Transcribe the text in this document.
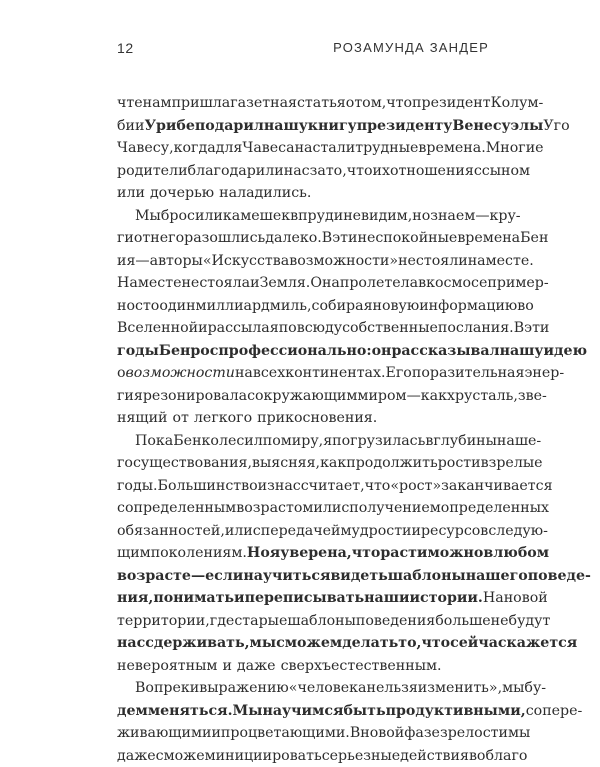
12	РОЗАМУНДА ЗАНДЕР
чте нам пришла газетная статья о том, что президент Колум-
бии Урибе подарил нашу книгу президенту Венесуэлы Уго
Чавесу, когда для Чавеса настали трудные времена. Многие
родители благодарили нас за то, что их отношения с сыном
или дочерью наладились.
Мы бросили камешек в пруд и не видим, но знаем — кру-
ги от него разошлись далеко. В эти неспокойные времена Бен
и я — авторы «Искусства возможности» не стояли на месте.
На месте не стояла и Земля. Она пролетела в космосе пример-
но сто один миллиард миль, собирая новую информацию во
Вселенной и рассылая повсюду собственные послания. В эти
годы Бен рос профессионально: он рассказывал нашу идею
о возможности на всех континентах. Его поразительная энер-
гия резонировала с окружающим миром — как хрусталь, зве-
нящий от легкого прикосновения.
Пока Бен колесил по миру, я погрузилась в глубины наше-
го существования, выясняя, как продолжить рост и в зрелые
годы. Большинство из нас считает, что «рост» заканчивается
с определенным возрастом или с получением определенных
обязанностей, или с передачей мудрости и ресурсов следую-
щим поколениям. Но я уверена, что расти можно в любом
возрасте — если научиться видеть шаблоны нашего поведе-
ния, понимать и переписывать наши истории. На новой
территории, где старые шаблоны поведения больше не будут
нас сдерживать, мы сможем делать то, что сейчас кажется
невероятным и даже сверхъестественным.
Вопреки выражению «человека нельзя изменить», мы бу-
дем меняться. Мы научимся быть продуктивными, сопере-
живающими и процветающими. В новой фазе зрелости мы
даже сможем инициировать серьезные действия во благо
